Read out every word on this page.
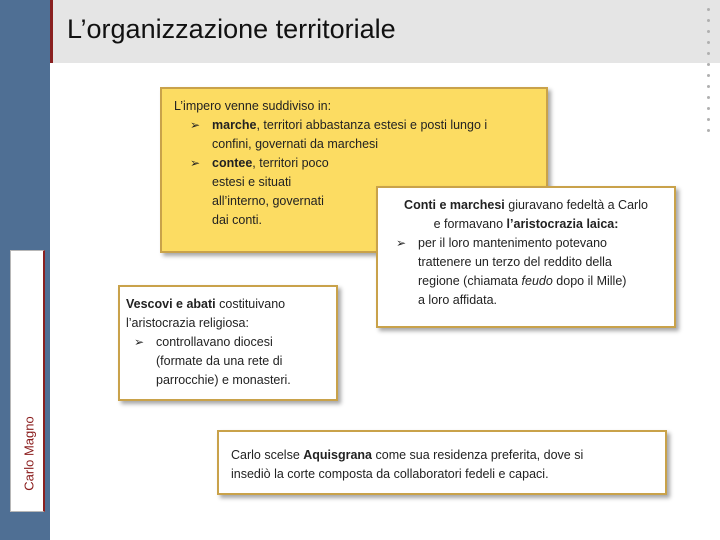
Carlo Magno
L’organizzazione territoriale
L’impero venne suddiviso in:
➢ marche, territori abbastanza estesi e posti lungo i
confini, governati da marchesi
➢ contee, territori poco
estesi e situati
all’interno, governati
dai conti.
Vescovi e abati costituivano
l’aristocrazia religiosa:
➢ controllavano diocesi
(formate da una rete di
parrocchie) e monasteri.
Conti e marchesi giuravano fedeltà a Carlo
e formavano l’aristocrazia laica:
➢ per il loro mantenimento potevano
trattenere un terzo del reddito della
regione (chiamata feudo dopo il Mille)
a loro affidata.
Carlo scelse Aquisgrana come sua residenza preferita, dove si
insediò la corte composta da collaboratori fedeli e capaci.
